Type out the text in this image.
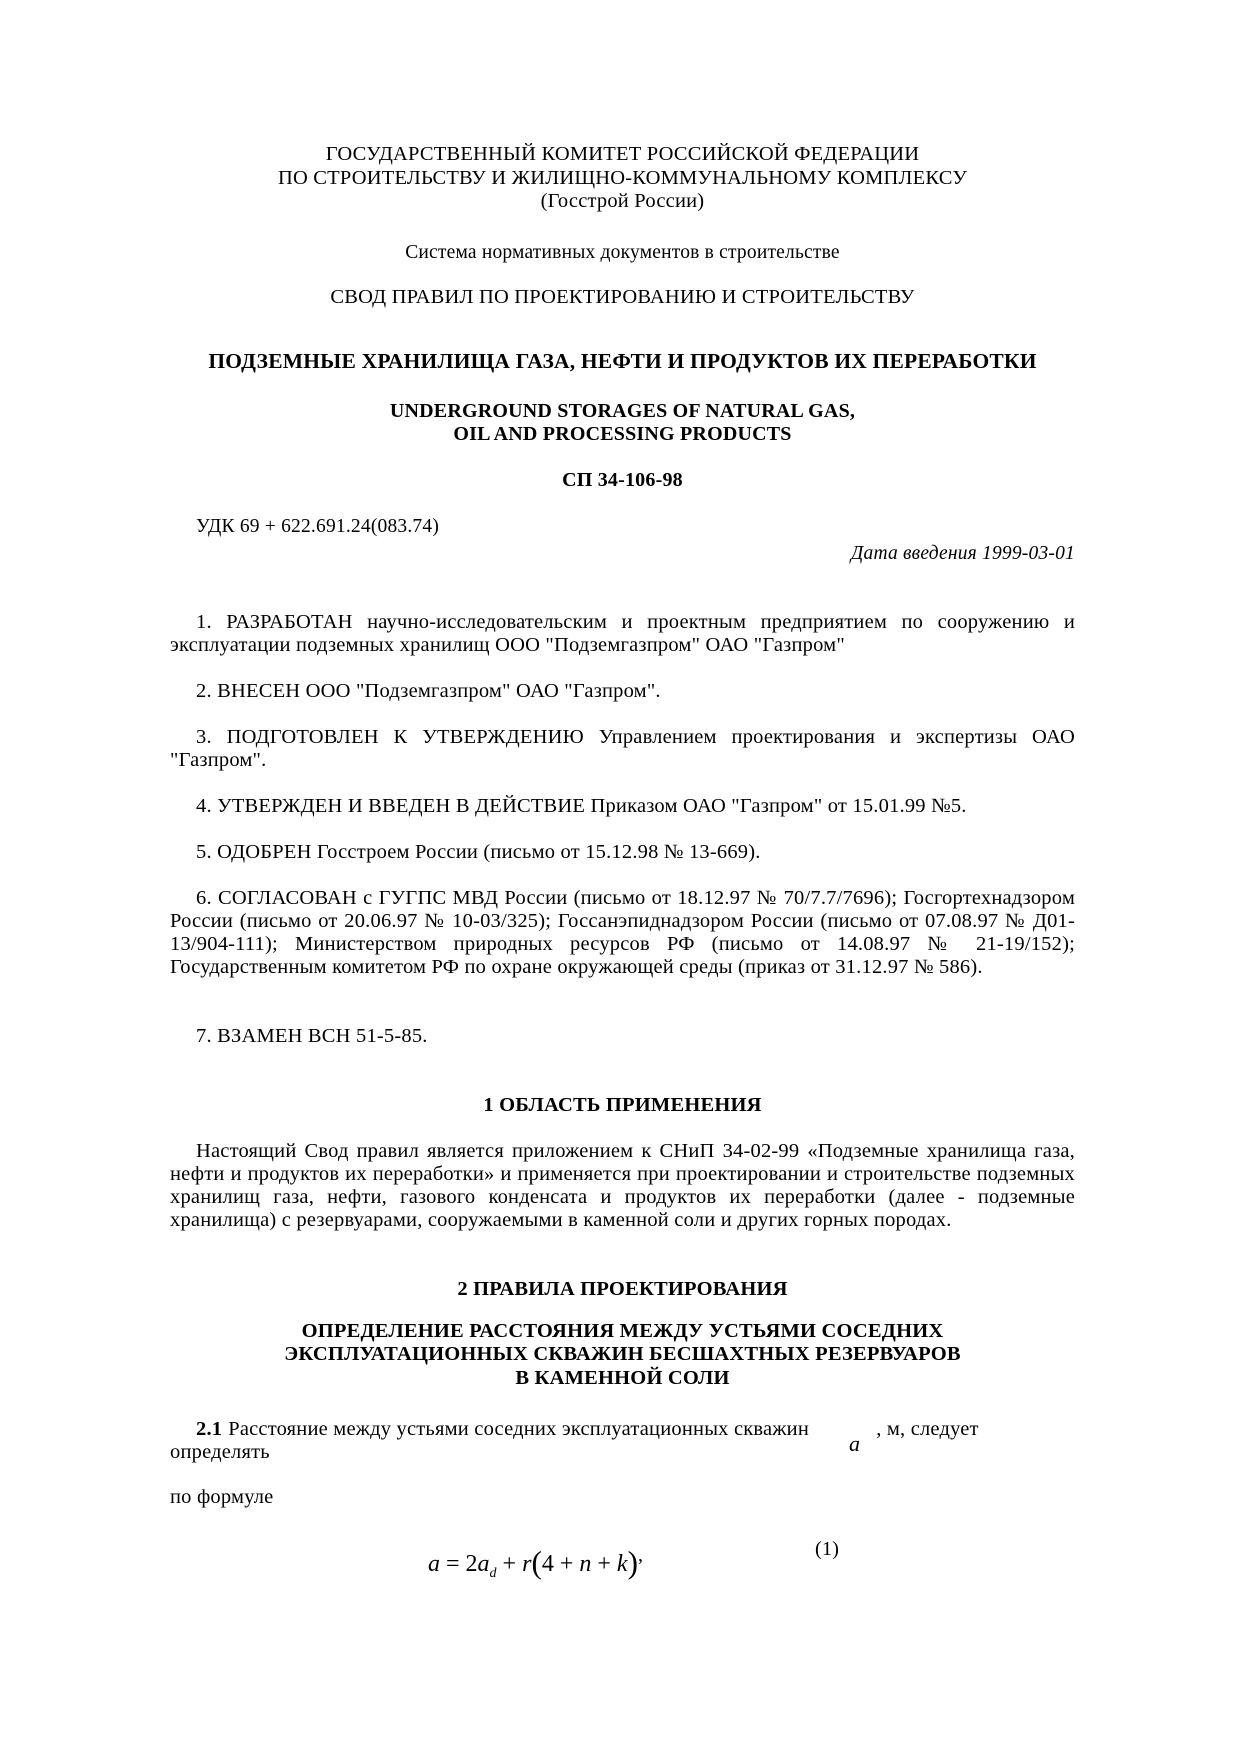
ГОСУДАРСТВЕННЫЙ КОМИТЕТ РОССИЙСКОЙ ФЕДЕРАЦИИ
ПО СТРОИТЕЛЬСТВУ И ЖИЛИЩНО-КОММУНАЛЬНОМУ КОМПЛЕКСУ
(Госстрой России)

Система нормативных документов в строительстве

СВОД ПРАВИЛ ПО ПРОЕКТИРОВАНИЮ И СТРОИТЕЛЬСТВУ

ПОДЗЕМНЫЕ ХРАНИЛИЩА ГАЗА, НЕФТИ И ПРОДУКТОВ ИХ ПЕРЕРАБОТКИ

UNDERGROUND STORAGES OF NATURAL GAS,
OIL AND PROCESSING PRODUCTS

СП 34-106-98

УДК 69 + 622.691.24(083.74)

Дата введения 1999-03-01

1. РАЗРАБОТАН научно-исследовательским и проектным предприятием по сооружению и эксплуатации подземных хранилищ ООО "Подземгазпром" ОАО "Газпром"

2. ВНЕСЕН ООО "Подземгазпром" ОАО "Газпром".

3. ПОДГОТОВЛЕН К УТВЕРЖДЕНИЮ Управлением проектирования и экспертизы ОАО "Газпром".

4. УТВЕРЖДЕН И ВВЕДЕН В ДЕЙСТВИЕ Приказом ОАО "Газпром" от 15.01.99 №5.

5. ОДОБРЕН Госстроем России (письмо от 15.12.98 № 13-669).

6. СОГЛАСОВАН с ГУГПС МВД России (письмо от 18.12.97 № 70/7.7/7696); Госгортехнадзором России (письмо от 20.06.97 № 10-03/325); Госсанэпиднадзором России (письмо от 07.08.97 № Д01-13/904-111); Министерством природных ресурсов РФ (письмо от 14.08.97 № 21-19/152); Государственным комитетом РФ по охране окружающей среды (приказ от 31.12.97 № 586).

7. ВЗАМЕН ВСН 51-5-85.

1 ОБЛАСТЬ ПРИМЕНЕНИЯ

Настоящий Свод правил является приложением к СНиП 34-02-99 «Подземные хранилища газа, нефти и продуктов их переработки» и применяется при проектировании и строительстве подземных хранилищ газа, нефти, газового конденсата и продуктов их переработки (далее - подземные хранилища) с резервуарами, сооружаемыми в каменной соли и других горных породах.

2 ПРАВИЛА ПРОЕКТИРОВАНИЯ

ОПРЕДЕЛЕНИЕ РАССТОЯНИЯ МЕЖДУ УСТЬЯМИ СОСЕДНИХ
ЭКСПЛУАТАЦИОННЫХ СКВАЖИН БЕСШАХТНЫХ РЕЗЕРВУАРОВ
В КАМЕННОЙ СОЛИ

2.1 Расстояние между устьями соседних эксплуатационных скважинa, м, следует определять

по формуле

$a = 2a_d + r(4 + n + k)^,$	(1)
